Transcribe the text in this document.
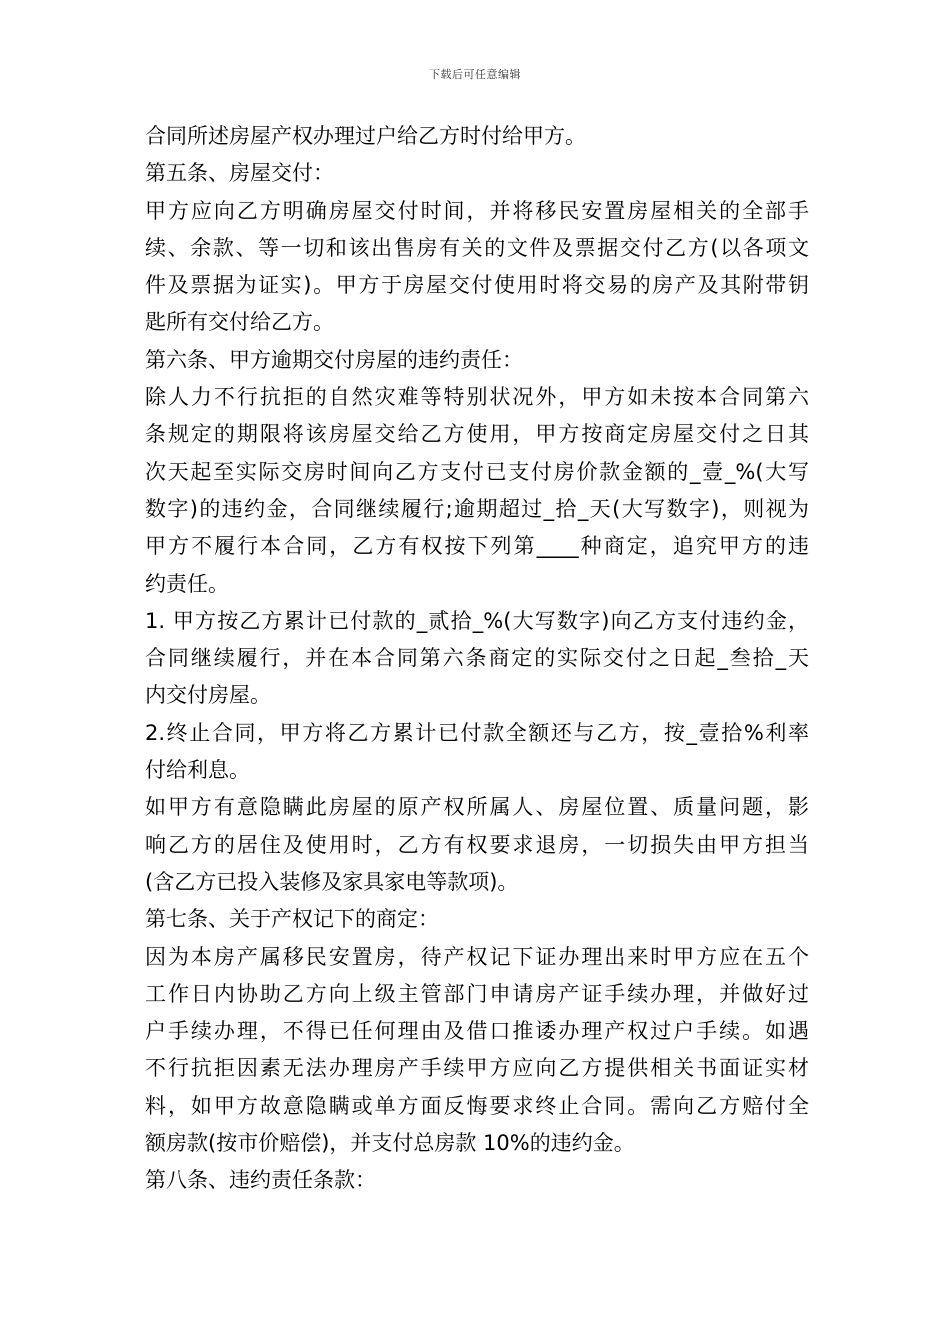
下载后可任意编辑
合同所述房屋产权办理过户给乙方时付给甲方。
第五条、房屋交付：
甲方应向乙方明确房屋交付时间，并将移民安置房屋相关的全部手
续、余款、等一切和该出售房有关的文件及票据交付乙方(以各项文
件及票据为证实)。甲方于房屋交付使用时将交易的房产及其附带钥
匙所有交付给乙方。
第六条、甲方逾期交付房屋的违约责任：
除人力不行抗拒的自然灾难等特别状况外，甲方如未按本合同第六
条规定的期限将该房屋交给乙方使用，甲方按商定房屋交付之日其
次天起至实际交房时间向乙方支付已支付房价款金额的_壹_%(大写
数字)的违约金，合同继续履行;逾期超过_拾_天(大写数字)，则视为
甲方不履行本合同，乙方有权按下列第____种商定，追究甲方的违
约责任。
1. 甲方按乙方累计已付款的_贰拾_%(大写数字)向乙方支付违约金，
合同继续履行，并在本合同第六条商定的实际交付之日起_叁拾_天
内交付房屋。
2.终止合同，甲方将乙方累计已付款全额还与乙方，按_壹拾%利率
付给利息。
如甲方有意隐瞒此房屋的原产权所属人、房屋位置、质量问题，影
响乙方的居住及使用时，乙方有权要求退房，一切损失由甲方担当
(含乙方已投入装修及家具家电等款项)。
第七条、关于产权记下的商定：
因为本房产属移民安置房，待产权记下证办理出来时甲方应在五个
工作日内协助乙方向上级主管部门申请房产证手续办理，并做好过
户手续办理，不得已任何理由及借口推诿办理产权过户手续。如遇
不行抗拒因素无法办理房产手续甲方应向乙方提供相关书面证实材
料，如甲方故意隐瞒或单方面反悔要求终止合同。需向乙方赔付全
额房款(按市价赔偿)，并支付总房款 10%的违约金。
第八条、违约责任条款：
